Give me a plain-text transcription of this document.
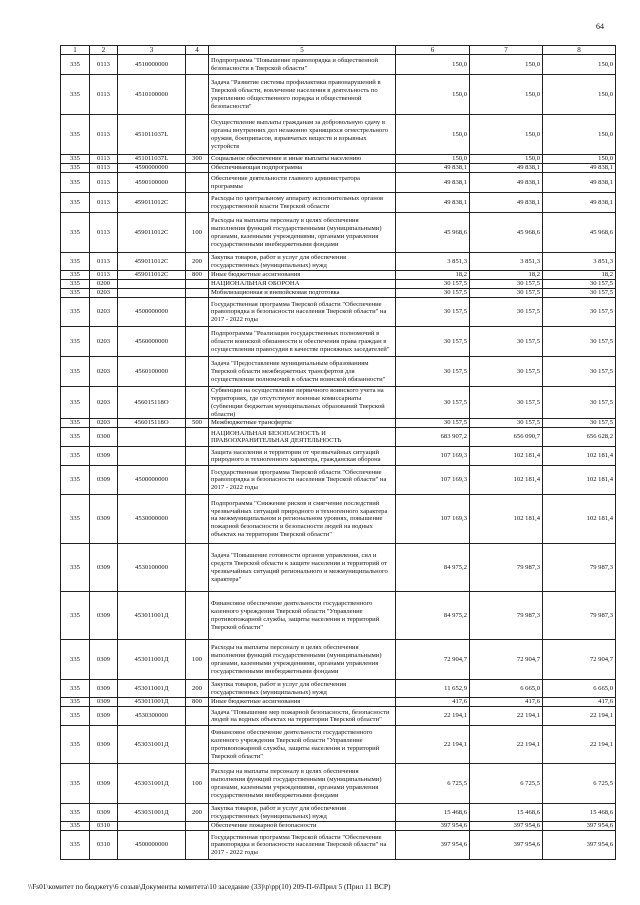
64
1	2	3	4	5	6	7	8
335	0113	4510000000		Подпрограмма "Повышение правопорядка и общественной безопасности в Тверской области"	150,0	150,0	150,0
335	0113	4510100000		Задача "Развитие системы профилактики правонарушений в Тверской области, вовлечение населения в деятельность по укреплению общественного порядка и общественной безопасности"	150,0	150,0	150,0
335	0113	451011037L		Осуществление выплаты гражданам за добровольную сдачу в органы внутренних дел незаконно хранящихся огнестрельного оружия, боеприпасов, взрывчатых веществ и взрывных устройств	150,0	150,0	150,0
335	0113	451011037L	300	Социальное обеспечение и иные выплаты населению	150,0	150,0	150,0
335	0113	4590000000		Обеспечивающая подпрограмма	49 838,1	49 838,1	49 838,1
335	0113	4590100000		Обеспечение деятельности главного администратора программы	49 838,1	49 838,1	49 838,1
335	0113	459011012С		Расходы по центральному аппарату исполнительных органов государственной власти Тверской области	49 838,1	49 838,1	49 838,1
335	0113	459011012С	100	Расходы на выплаты персоналу в целях обеспечения выполнения функций государственными (муниципальными) органами, казенными учреждениями, органами управления государственными внебюджетными фондами	45 968,6	45 968,6	45 968,6
335	0113	459011012С	200	Закупка товаров, работ и услуг для обеспечения государственных (муниципальных) нужд	3 851,3	3 851,3	3 851,3
335	0113	459011012С	800	Иные бюджетные ассигнования	18,2	18,2	18,2
335	0200			НАЦИОНАЛЬНАЯ ОБОРОНА	30 157,5	30 157,5	30 157,5
335	0203			Мобилизационная и вневойсковая подготовка	30 157,5	30 157,5	30 157,5
335	0203	4500000000		Государственная программа Тверской области "Обеспечение правопорядка и безопасности населения Тверской области" на 2017 - 2022 годы	30 157,5	30 157,5	30 157,5
335	0203	4560000000		Подпрограмма "Реализация государственных полномочий в области воинской обязанности и обеспечения права граждан в осуществлении правосудия в качестве присяжных заседателей"	30 157,5	30 157,5	30 157,5
335	0203	4560100000		Задача "Предоставление муниципальным образованиям Тверской области межбюджетных трансфертов для осуществления полномочий в области воинской обязанности"	30 157,5	30 157,5	30 157,5
335	0203	456015118О		Субвенции на осуществление первичного воинского учета на территориях, где отсутствуют военные комиссариаты (субвенции бюджетам муниципальных образований Тверской области)	30 157,5	30 157,5	30 157,5
335	0203	456015118О	500	Межбюджетные трансферты	30 157,5	30 157,5	30 157,5
335	0300			НАЦИОНАЛЬНАЯ БЕЗОПАСНОСТЬ И ПРАВООХРАНИТЕЛЬНАЯ ДЕЯТЕЛЬНОСТЬ	683 907,2	656 090,7	656 628,2
335	0309			Защита населения и территории от чрезвычайных ситуаций природного и техногенного характера, гражданская оборона	107 169,3	102 181,4	102 181,4
335	0309	4500000000		Государственная программа Тверской области "Обеспечение правопорядка и безопасности населения Тверской области" на 2017 - 2022 годы	107 169,3	102 181,4	102 181,4
335	0309	4530000000		Подпрограмма "Снижение рисков и смягчение последствий чрезвычайных ситуаций природного и техногенного характера на межмуниципальном и региональном уровнях, повышение пожарной безопасности и безопасности людей на водных объектах на территории Тверской области"	107 169,3	102 181,4	102 181,4
335	0309	4530100000		Задача "Повышение готовности органов управления, сил и средств Тверской области к защите населения и территорий от чрезвычайных ситуаций регионального и межмуниципального характера"	84 975,2	79 987,3	79 987,3
335	0309	453011001Д		Финансовое обеспечение деятельности государственного казенного учреждения Тверской области "Управление противопожарной службы, защиты населения и территорий Тверской области"	84 975,2	79 987,3	79 987,3
335	0309	453011001Д	100	Расходы на выплаты персоналу в целях обеспечения выполнения функций государственными (муниципальными) органами, казенными учреждениями, органами управления государственными внебюджетными фондами	72 904,7	72 904,7	72 904,7
335	0309	453011001Д	200	Закупка товаров, работ и услуг для обеспечения государственных (муниципальных) нужд	11 652,9	6 665,0	6 665,0
335	0309	453011001Д	800	Иные бюджетные ассигнования	417,6	417,6	417,6
335	0309	4530300000		Задача "Повышение мер пожарной безопасности, безопасности людей на водных объектах на территории Тверской области"	22 194,1	22 194,1	22 194,1
335	0309	453031001Д		Финансовое обеспечение деятельности государственного казенного учреждения Тверской области "Управление противопожарной службы, защиты населения и территорий Тверской области"	22 194,1	22 194,1	22 194,1
335	0309	453031001Д	100	Расходы на выплаты персоналу в целях обеспечения выполнения функций государственными (муниципальными) органами, казенными учреждениями, органами управления государственными внебюджетными фондами	6 725,5	6 725,5	6 725,5
335	0309	453031001Д	200	Закупка товаров, работ и услуг для обеспечения государственных (муниципальных) нужд	15 468,6	15 468,6	15 468,6
335	0310			Обеспечение пожарной безопасности	397 954,6	397 954,6	397 954,6
335	0310	4500000000		Государственная программа Тверской области "Обеспечение правопорядка и безопасности населения Тверской области" на 2017 - 2022 годы	397 954,6	397 954,6	397 954,6
\\Fs01\комитет по бюджету\6 созыв\Документы комитета\10 заседание (33)\р\рр(10) 209-П-6\Прил 5 (Прил 11 ВСР)
